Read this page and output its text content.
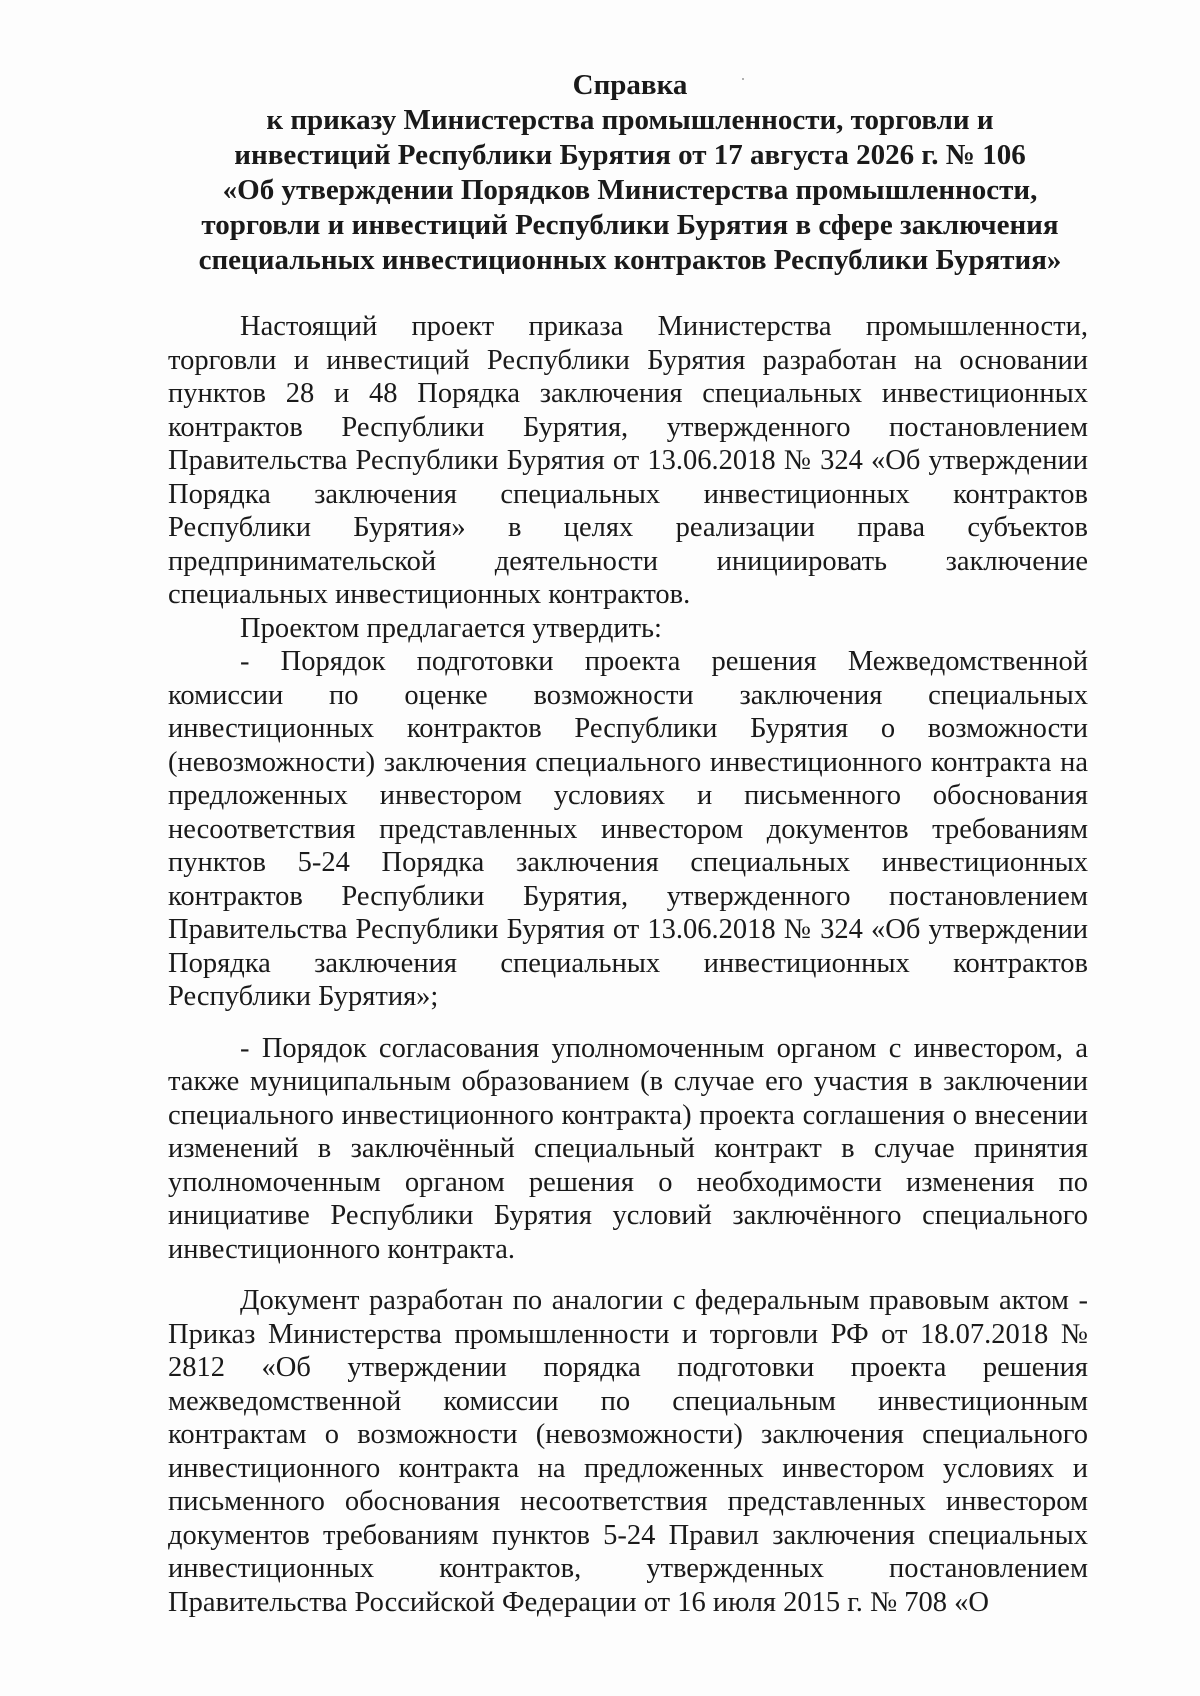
Справка
к приказу Министерства промышленности, торговли и
инвестиций Республики Бурятия от 17 августа 2026 г. № 106
«Об утверждении Порядков Министерства промышленности,
торговли и инвестиций Республики Бурятия в сфере заключения
специальных инвестиционных контрактов Республики Бурятия»

Настоящий проект приказа Министерства промышленности, торговли и инвестиций Республики Бурятия разработан на основании пунктов 28 и 48 Порядка заключения специальных инвестиционных контрактов Республики Бурятия, утвержденного постановлением Правительства Республики Бурятия от 13.06.2018 № 324 «Об утверждении Порядка заключения специальных инвестиционных контрактов Республики Бурятия» в целях реализации права субъектов предпринимательской деятельности инициировать заключение специальных инвестиционных контрактов.

Проектом предлагается утвердить:

- Порядок подготовки проекта решения Межведомственной комиссии по оценке возможности заключения специальных инвестиционных контрактов Республики Бурятия о возможности (невозможности) заключения специального инвестиционного контракта на предложенных инвестором условиях и письменного обоснования несоответствия представленных инвестором документов требованиям пунктов 5-24 Порядка заключения специальных инвестиционных контрактов Республики Бурятия, утвержденного постановлением Правительства Республики Бурятия от 13.06.2018 № 324 «Об утверждении Порядка заключения специальных инвестиционных контрактов Республики Бурятия»;

- Порядок согласования уполномоченным органом с инвестором, а также муниципальным образованием (в случае его участия в заключении специального инвестиционного контракта) проекта соглашения о внесении изменений в заключённый специальный контракт в случае принятия уполномоченным органом решения о необходимости изменения по инициативе Республики Бурятия условий заключённого специального инвестиционного контракта.

Документ разработан по аналогии с федеральным правовым актом - Приказ Министерства промышленности и торговли РФ от 18.07.2018 № 2812 «Об утверждении порядка подготовки проекта решения межведомственной комиссии по специальным инвестиционным контрактам о возможности (невозможности) заключения специального инвестиционного контракта на предложенных инвестором условиях и письменного обоснования несоответствия представленных инвестором документов требованиям пунктов 5-24 Правил заключения специальных инвестиционных контрактов, утвержденных постановлением Правительства Российской Федерации от 16 июля 2015 г. № 708 «О
